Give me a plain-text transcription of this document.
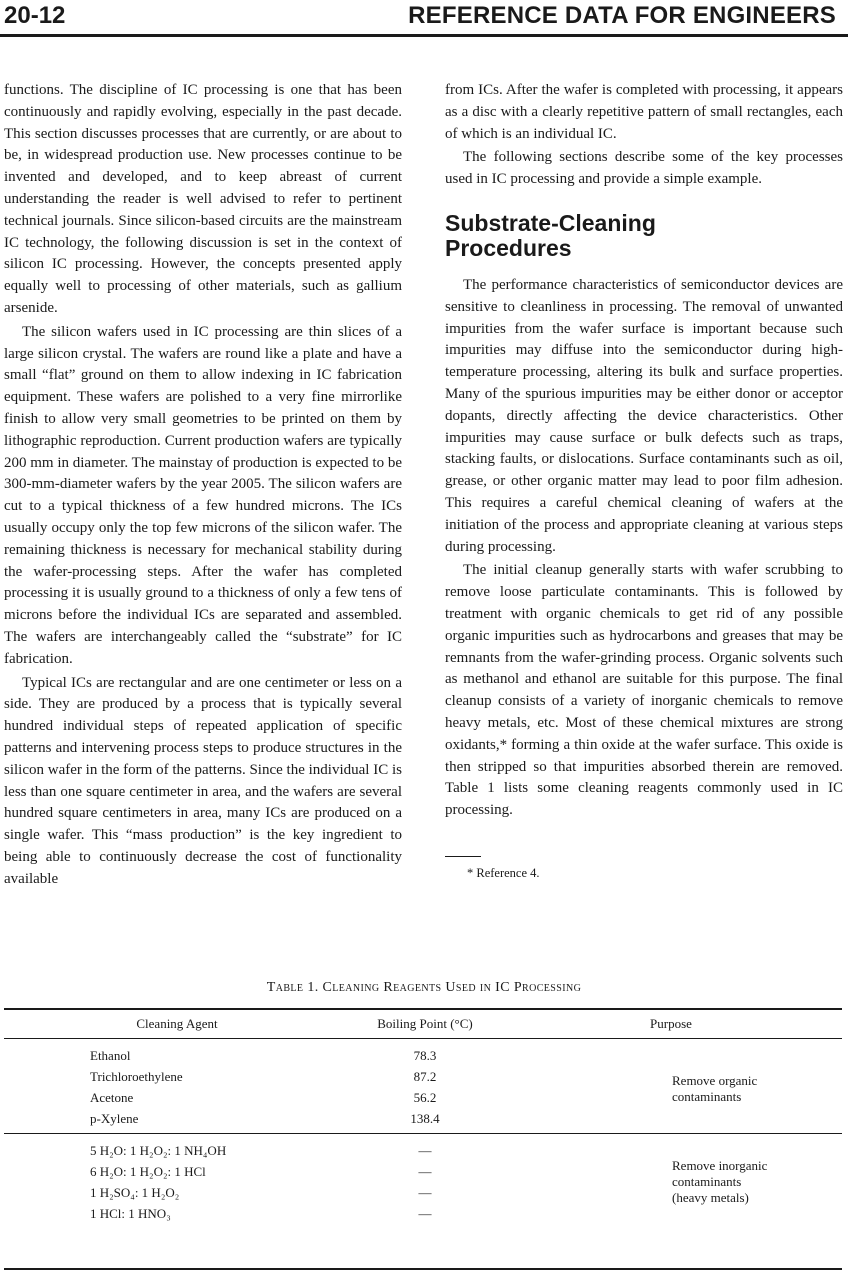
20-12	REFERENCE DATA FOR ENGINEERS

functions. The discipline of IC processing is one that has been continuously and rapidly evolving, especially in the past decade. This section discusses processes that are currently, or are about to be, in widespread production use. New processes continue to be invented and developed, and to keep abreast of current understanding the reader is well advised to refer to pertinent technical journals. Since silicon-based circuits are the mainstream IC technology, the following discussion is set in the context of silicon IC processing. However, the concepts presented apply equally well to processing of other materials, such as gallium arsenide.

The silicon wafers used in IC processing are thin slices of a large silicon crystal. The wafers are round like a plate and have a small “flat” ground on them to allow indexing in IC fabrication equipment. These wafers are polished to a very fine mirrorlike finish to allow very small geometries to be printed on them by lithographic reproduction. Current production wafers are typically 200 mm in diameter. The mainstay of production is expected to be 300-mm-diameter wafers by the year 2005. The silicon wafers are cut to a typical thickness of a few hundred microns. The ICs usually occupy only the top few microns of the silicon wafer. The remaining thickness is necessary for mechanical stability during the wafer-processing steps. After the wafer has completed processing it is usually ground to a thickness of only a few tens of microns before the individual ICs are separated and assembled. The wafers are interchangeably called the “substrate” for IC fabrication.

Typical ICs are rectangular and are one centimeter or less on a side. They are produced by a process that is typically several hundred individual steps of repeated application of specific patterns and intervening process steps to produce structures in the silicon wafer in the form of the patterns. Since the individual IC is less than one square centimeter in area, and the wafers are several hundred square centimeters in area, many ICs are produced on a single wafer. This “mass production” is the key ingredient to being able to continuously decrease the cost of functionality available

from ICs. After the wafer is completed with processing, it appears as a disc with a clearly repetitive pattern of small rectangles, each of which is an individual IC.

The following sections describe some of the key processes used in IC processing and provide a simple example.

Substrate-Cleaning
Procedures

The performance characteristics of semiconductor devices are sensitive to cleanliness in processing. The removal of unwanted impurities from the wafer surface is important because such impurities may diffuse into the semiconductor during high-temperature processing, altering its bulk and surface properties. Many of the spurious impurities may be either donor or acceptor dopants, directly affecting the device characteristics. Other impurities may cause surface or bulk defects such as traps, stacking faults, or dislocations. Surface contaminants such as oil, grease, or other organic matter may lead to poor film adhesion. This requires a careful chemical cleaning of wafers at the initiation of the process and appropriate cleaning at various steps during processing.

The initial cleanup generally starts with wafer scrubbing to remove loose particulate contaminants. This is followed by treatment with organic chemicals to get rid of any possible organic impurities such as hydrocarbons and greases that may be remnants from the wafer-grinding process. Organic solvents such as methanol and ethanol are suitable for this purpose. The final cleanup consists of a variety of inorganic chemicals to remove heavy metals, etc. Most of these chemical mixtures are strong oxidants,* forming a thin oxide at the wafer surface. This oxide is then stripped so that impurities absorbed therein are removed. Table 1 lists some cleaning reagents commonly used in IC processing.

* Reference 4.
Table 1. Cleaning Reagents Used in IC Processing
Cleaning Agent	Boiling Point (°C)	Purpose
Ethanol	78.3	Remove organic
contaminants

Trichloroethylene	87.2	
Acetone	56.2	
p-Xylene	138.4	

5 H₂O: 1 H₂O₂: 1 NH₄OH	—	Remove inorganic
contaminants
(heavy metals)

6 H₂O: 1 H₂O₂: 1 HCl	—	
1 H₂SO₄: 1 H₂O₂	—	
1 HCl: 1 HNO₃	—	
